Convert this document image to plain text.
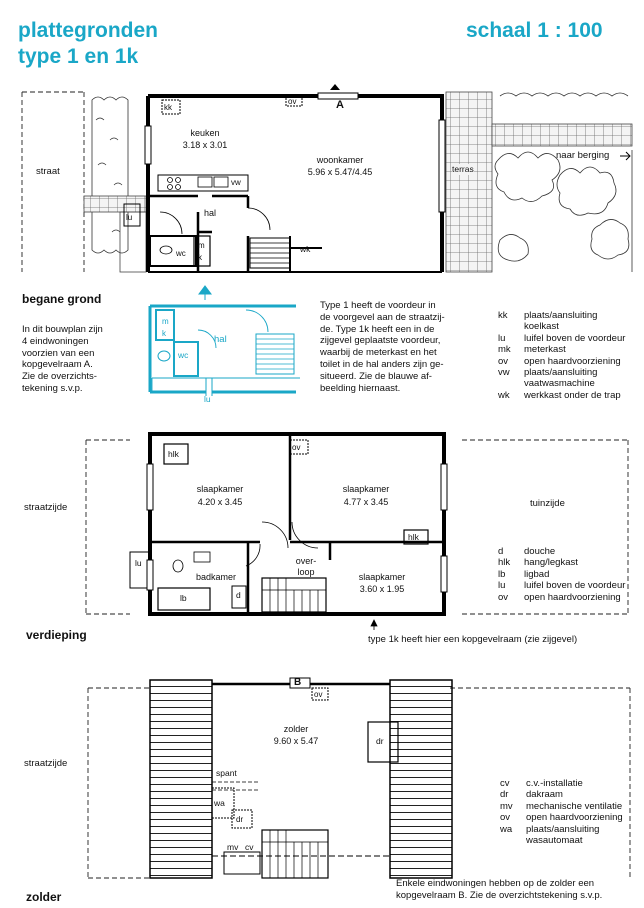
plattegronden
type 1 en 1k
schaal 1 : 100
straat
A
kk
ov
keuken
3.18 x 3.01
woonkamer
5.96 x 5.47/4.45
vw
hal
lu
wc
m
k
wk
terras
naar berging
begane grond
In dit bouwplan zijn
4 eindwoningen
voorzien van een
kopgevelraam A.
Zie de overzichts-
tekening s.v.p.
m
k
wc
hal
lu
Type 1 heeft de voordeur in
de voorgevel aan de straatzij-
de. Type 1k heeft een in de
zijgevel geplaatste voordeur,
waarbij de meterkast en het
toilet in de hal anders zijn ge-
situeerd. Zie de blauwe af-
beelding hiernaast.
kk	plaats/aansluiting
koelkast
lu	luifel boven de voordeur
mk	meterkast
ov	open haardvoorziening
vw	plaats/aansluiting
vaatwasmachine
wk	werkkast onder de trap
straatzijde	tuinzijde
hlk
ov
hlk
lu
lb	d
slaapkamer
4.20 x 3.45
slaapkamer
4.77 x 3.45
slaapkamer
3.60 x 1.95
badkamer
over-
loop
d	douche
hlk	hang/legkast
lb	ligbad
lu	luifel boven de voordeur
ov	open haardvoorziening
verdieping	type 1k heeft hier een kopgevelraam (zie zijgevel)
straatzijde
B
ov
zolder
9.60 x 5.47	dr
spant
wa
dr
mv cv
cv	c.v.-installatie
dr	dakraam
mv	mechanische ventilatie
ov	open haardvoorziening
wa	plaats/aansluiting
wasautomaat
Enkele eindwoningen hebben op de zolder een
kopgevelraam B. Zie de overzichtstekening s.v.p.
zolder
